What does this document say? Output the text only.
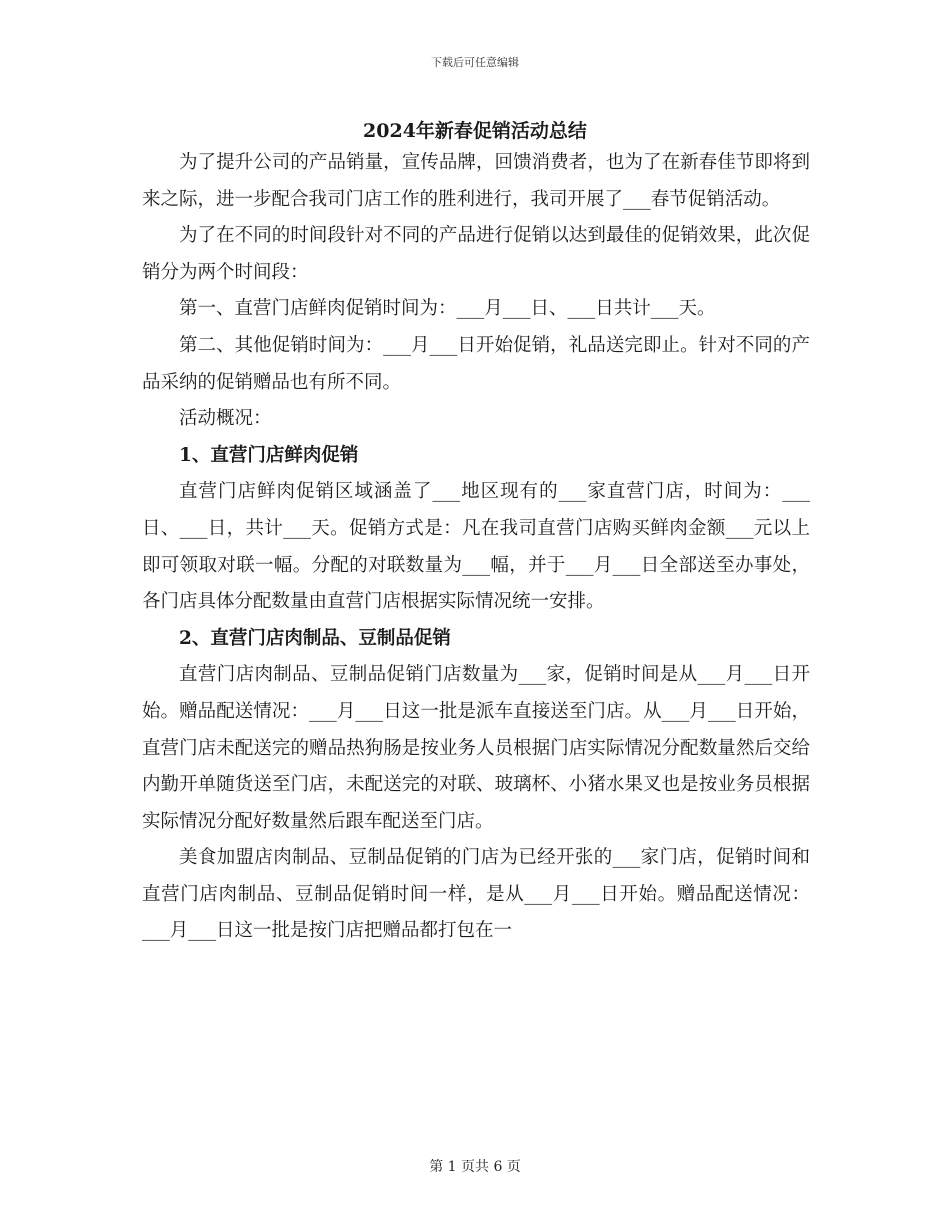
下载后可任意编辑
2024年新春促销活动总结

为了提升公司的产品销量，宣传品牌，回馈消费者，也为了在新春佳节即将到来之际，进一步配合我司门店工作的胜利进行，我司开展了___春节促销活动。

为了在不同的时间段针对不同的产品进行促销以达到最佳的促销效果，此次促销分为两个时间段：

第一、直营门店鲜肉促销时间为：___月___日、___日共计___天。

第二、其他促销时间为：___月___日开始促销，礼品送完即止。针对不同的产品采纳的促销赠品也有所不同。

活动概况：

1、直营门店鲜肉促销

直营门店鲜肉促销区域涵盖了___地区现有的___家直营门店，时间为：___日、___日，共计___天。促销方式是：凡在我司直营门店购买鲜肉金额___元以上即可领取对联一幅。分配的对联数量为___幅，并于___月___日全部送至办事处，各门店具体分配数量由直营门店根据实际情况统一安排。

2、直营门店肉制品、豆制品促销

直营门店肉制品、豆制品促销门店数量为___家，促销时间是从___月___日开始。赠品配送情况：___月___日这一批是派车直接送至门店。从___月___日开始，直营门店未配送完的赠品热狗肠是按业务人员根据门店实际情况分配数量然后交给内勤开单随货送至门店，未配送完的对联、玻璃杯、小猪水果叉也是按业务员根据实际情况分配好数量然后跟车配送至门店。

美食加盟店肉制品、豆制品促销的门店为已经开张的___家门店，促销时间和直营门店肉制品、豆制品促销时间一样，是从___月___日开始。赠品配送情况：___月___日这一批是按门店把赠品都打包在一

第 1 页共 6 页
